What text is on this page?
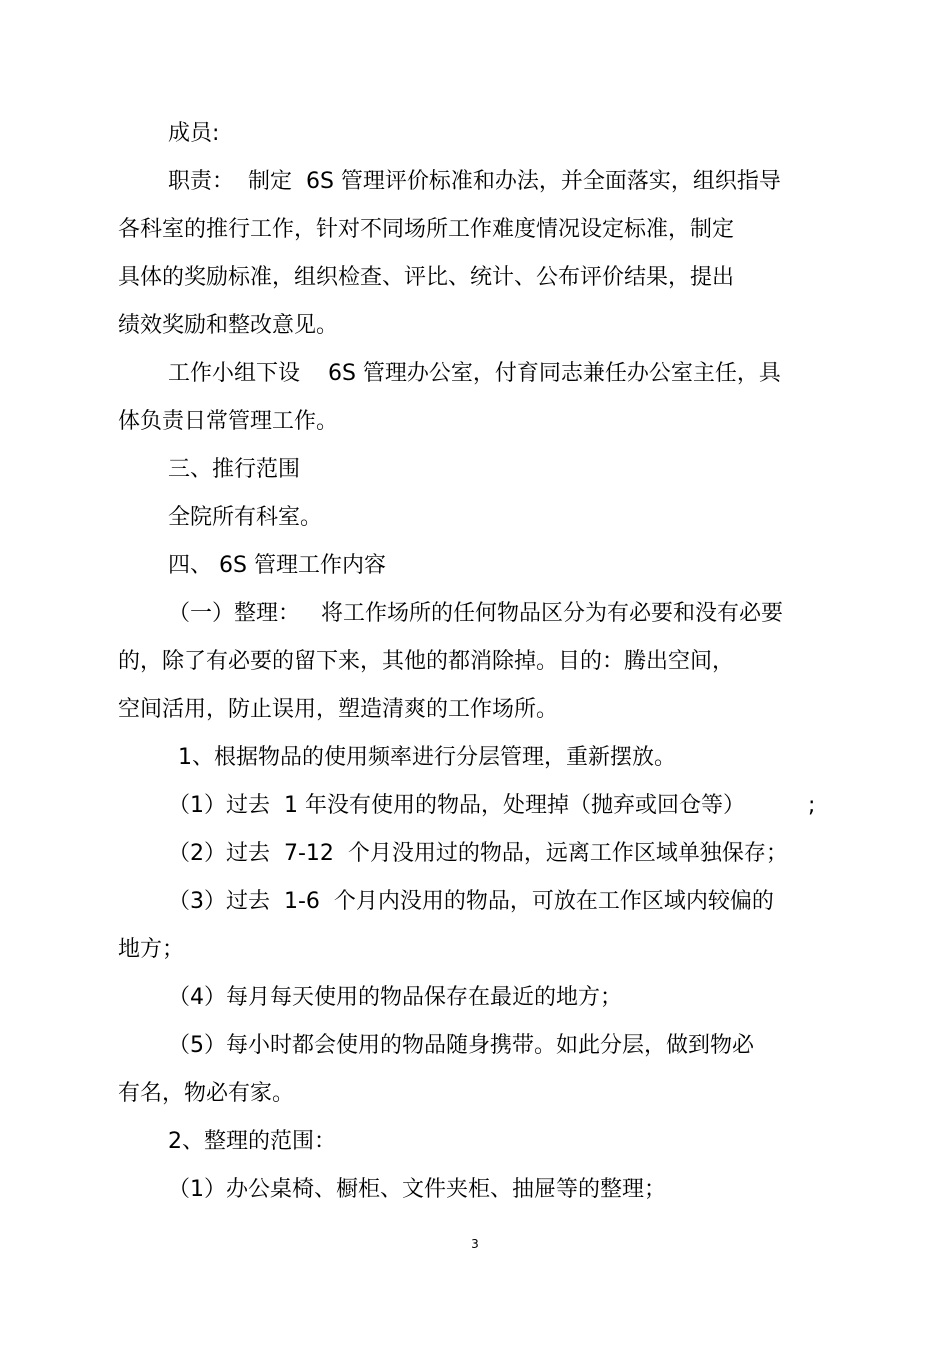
成员:

职责：  制定  6S 管理评价标准和办法，并全面落实，组织指导

各科室的推行工作，针对不同场所工作难度情况设定标准，制定

具体的奖励标准，组织检查、评比、统计、公布评价结果，提出

绩效奖励和整改意见。

工作小组下设    6S 管理办公室，付育同志兼任办公室主任，具

体负责日常管理工作。

三、推行范围

全院所有科室。

四、 6S 管理工作内容

（一）整理：   将工作场所的任何物品区分为有必要和没有必要

的，除了有必要的留下来，其他的都消除掉。目的：腾出空间，

空间活用，防止误用，塑造清爽的工作场所。

1、根据物品的使用频率进行分层管理，重新摆放。

（1）过去  1 年没有使用的物品，处理掉（抛弃或回仓等）	;

（2）过去  7-12  个月没用过的物品，远离工作区域单独保存；

（3）过去  1-6  个月内没用的物品，可放在工作区域内较偏的

地方；

（4）每月每天使用的物品保存在最近的地方；

（5）每小时都会使用的物品随身携带。如此分层，做到物必

有名，物必有家。

2、整理的范围：

（1）办公桌椅、橱柜、文件夹柜、抽屉等的整理；

3
